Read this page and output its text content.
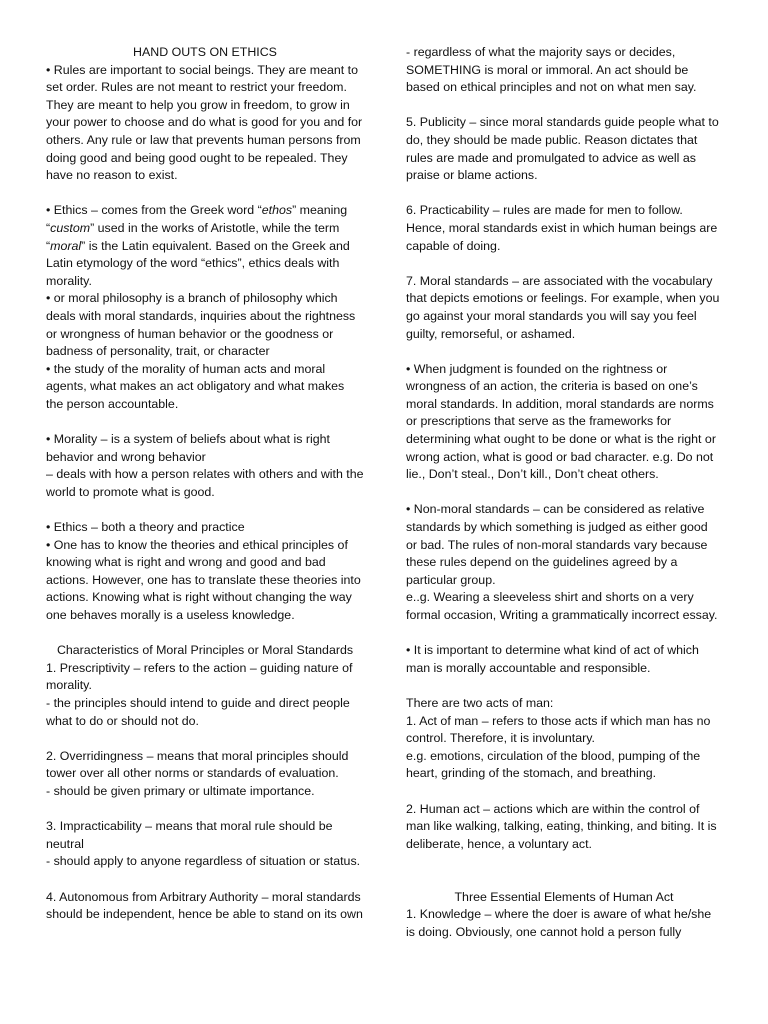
HAND OUTS ON ETHICS

• Rules are important to social beings. They are meant to set order. Rules are not meant to restrict your freedom. They are meant to help you grow in freedom, to grow in your power to choose and do what is good for you and for others. Any rule or law that prevents human persons from doing good and being good ought to be repealed. They have no reason to exist.

• Ethics – comes from the Greek word “ethos” meaning “custom” used in the works of Aristotle, while the term “moral” is the Latin equivalent. Based on the Greek and Latin etymology of the word “ethics”, ethics deals with morality.

• or moral philosophy is a branch of philosophy which deals with moral standards, inquiries about the rightness or wrongness of human behavior or the goodness or badness of personality, trait, or character

• the study of the morality of human acts and moral agents, what makes an act obligatory and what makes the person accountable.

• Morality – is a system of beliefs about what is right behavior and wrong behavior

– deals with how a person relates with others and with the world to promote what is good.

• Ethics – both a theory and practice

• One has to know the theories and ethical principles of knowing what is right and wrong and good and bad actions. However, one has to translate these theories into actions. Knowing what is right without changing the way one behaves morally is a useless knowledge.

Characteristics of Moral Principles or Moral Standards

1. Prescriptivity – refers to the action – guiding nature of morality.

- the principles should intend to guide and direct people what to do or should not do.

2. Overridingness – means that moral principles should tower over all other norms or standards of evaluation.

- should be given primary or ultimate importance.

3. Impracticability – means that moral rule should be neutral

- should apply to anyone regardless of situation or status.

4. Autonomous from Arbitrary Authority – moral standards should be independent, hence be able to stand on its own

- regardless of what the majority says or decides,

SOMETHING is moral or immoral. An act should be based on ethical principles and not on what men say.

5. Publicity – since moral standards guide people what to do, they should be made public. Reason dictates that rules are made and promulgated to advice as well as praise or blame actions.

6. Practicability – rules are made for men to follow. Hence, moral standards exist in which human beings are capable of doing.

7. Moral standards – are associated with the vocabulary that depicts emotions or feelings. For example, when you go against your moral standards you will say you feel guilty, remorseful, or ashamed.

• When judgment is founded on the rightness or wrongness of an action, the criteria is based on one’s moral standards. In addition, moral standards are norms or prescriptions that serve as the frameworks for determining what ought to be done or what is the right or wrong action, what is good or bad character. e.g. Do not lie., Don’t steal., Don’t kill., Don’t cheat others.

• Non-moral standards – can be considered as relative standards by which something is judged as either good or bad. The rules of non-moral standards vary because these rules depend on the guidelines agreed by a particular group.

e..g. Wearing a sleeveless shirt and shorts on a very formal occasion, Writing a grammatically incorrect essay.

• It is important to determine what kind of act of which man is morally accountable and responsible.

There are two acts of man:

1. Act of man – refers to those acts if which man has no control. Therefore, it is involuntary.

e.g. emotions, circulation of the blood, pumping of the heart, grinding of the stomach, and breathing.

2. Human act – actions which are within the control of man like walking, talking, eating, thinking, and biting. It is deliberate, hence, a voluntary act.

Three Essential Elements of Human Act

1. Knowledge – where the doer is aware of what he/she is doing. Obviously, one cannot hold a person fully
